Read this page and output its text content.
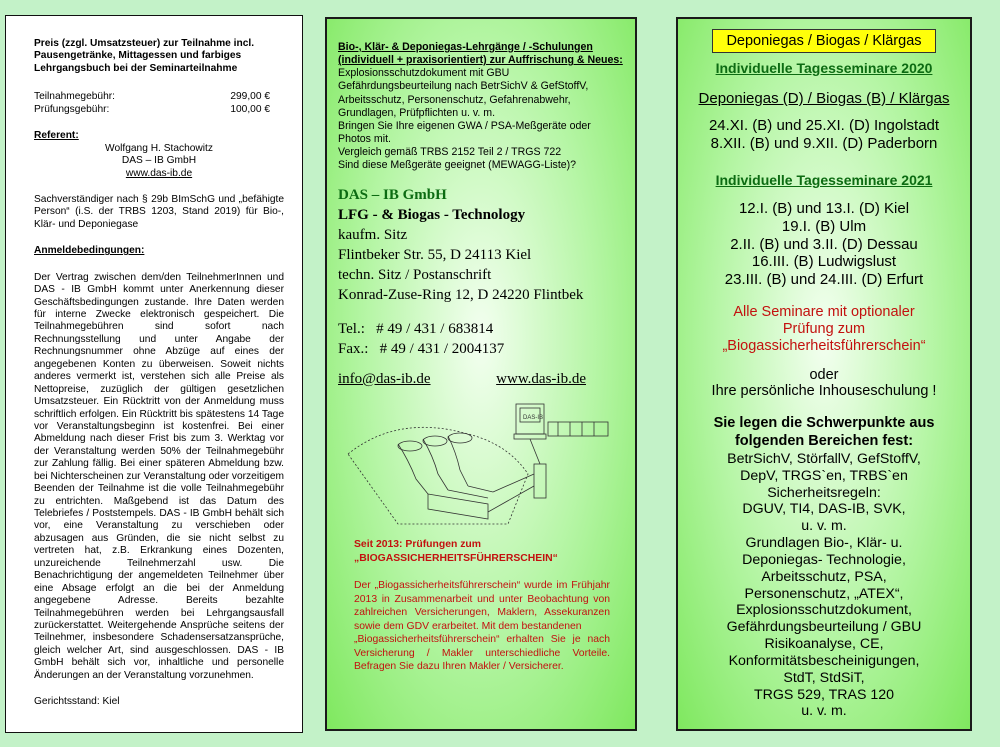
Preis (zzgl. Umsatzsteuer) zur Teilnahme incl. Pausengetränke, Mittagessen und farbiges Lehrgangsbuch bei der Seminarteilnahme

Teilnahmegebühr:	299,00 €
Prüfungsgebühr:	100,00 €

Referent:

Wolfgang H. Stachowitz

DAS – IB GmbH

www.das-ib.de

Sachverständiger nach § 29b BImSchG und „befähigte Person“ (i.S. der TRBS 1203, Stand 2019) für Bio-, Klär- und Deponiegase

Anmeldebedingungen:

Der Vertrag zwischen dem/den TeilnehmerInnen und DAS - IB GmbH kommt unter Anerkennung dieser Geschäftsbedingungen zustande. Ihre Daten werden für interne Zwecke elektronisch gespeichert. Die Teilnahmegebühren sind sofort nach Rechnungsstellung und unter Angabe der Rechnungsnummer ohne Abzüge auf eines der angegebenen Konten zu überweisen. Soweit nichts anderes vermerkt ist, verstehen sich alle Preise als Nettopreise, zuzüglich der gültigen gesetzlichen Umsatzsteuer. Ein Rücktritt von der Anmeldung muss schriftlich erfolgen. Ein Rücktritt bis spätestens 14 Tage vor Veranstaltungsbeginn ist kostenfrei. Bei einer Abmeldung nach dieser Frist bis zum 3. Werktag vor der Veranstaltung werden 50% der Teilnahmegebühr zur Zahlung fällig. Bei einer späteren Abmeldung bzw. bei Nichterscheinen zur Veranstaltung oder vorzeitigem Beenden der Teilnahme ist die volle Teilnahmegebühr zu entrichten. Maßgebend ist das Datum des Telebriefes / Poststempels. DAS - IB GmbH behält sich vor, eine Veranstaltung zu verschieben oder abzusagen aus Gründen, die sie nicht selbst zu vertreten hat, z.B. Erkrankung eines Dozenten, unzureichende Teilnehmerzahl usw. Die Benachrichtigung der angemeldeten Teilnehmer über eine Absage erfolgt an die bei der Anmeldung angegebene Adresse. Bereits bezahlte Teilnahmegebühren werden bei Lehrgangsausfall zurückerstattet. Weitergehende Ansprüche seitens der Teilnehmer, insbesondere Schadensersatzansprüche, gleich welcher Art, sind ausgeschlossen. DAS - IB GmbH behält sich vor, inhaltliche und personelle Änderungen an der Veranstaltung vorzunehmen.

Gerichtsstand: Kiel

Bio-, Klär- & Deponiegas-Lehrgänge / -Schulungen (individuell + praxisorientiert) zur Auffrischung & Neues:

Explosionsschutzdokument mit GBU

Gefährdungsbeurteilung nach BetrSichV & GefStoffV,

Arbeitsschutz, Personenschutz, Gefahrenabwehr,

Grundlagen, Prüfpflichten u. v. m.

Bringen Sie Ihre eigenen GWA / PSA-Meßgeräte oder Photos mit.

Vergleich gemäß TRBS 2152 Teil 2 / TRGS 722

Sind diese Meßgeräte geeignet (MEWAGG-Liste)?

DAS – IB GmbH

LFG - & Biogas - Technology

kaufm. Sitz

Flintbeker Str. 55, D 24113 Kiel

techn. Sitz / Postanschrift

Konrad-Zuse-Ring 12, D 24220 Flintbek

Tel.: # 49 / 431 / 683814

Fax.: # 49 / 431 / 2004137

info@das-ib.de	www.das-ib.de
DAS-IB

Seit 2013: Prüfungen zum

„BIOGASSICHERHEITSFÜHRERSCHEIN“

Der „Biogassicherheitsführerschein“ wurde im Frühjahr 2013 in Zusammenarbeit und unter Beobachtung von zahlreichen Versicherungen, Maklern, Assekuranzen sowie dem GDV erarbeitet. Mit dem bestandenen

„Biogassicherheitsführerschein“ erhalten Sie je nach Versicherung / Makler unterschiedliche Vorteile. Befragen Sie dazu Ihren Makler / Versicherer.

Deponiegas / Biogas / Klärgas

Individuelle Tagesseminare 2020

Deponiegas (D) / Biogas (B) / Klärgas

24.XI. (B) und 25.XI. (D) Ingolstadt

8.XII. (B) und 9.XII. (D) Paderborn

Individuelle Tagesseminare 2021

12.I. (B) und 13.I. (D) Kiel

19.I. (B) Ulm

2.II. (B) und 3.II. (D) Dessau

16.III. (B) Ludwigslust

23.III. (B) und 24.III. (D) Erfurt

Alle Seminare mit optionaler

Prüfung zum

„Biogassicherheitsführerschein“

oder

Ihre persönliche Inhouseschulung !

Sie legen die Schwerpunkte aus

folgenden Bereichen fest:

BetrSichV, StörfallV, GefStoffV,

DepV, TRGS`en, TRBS`en

Sicherheitsregeln:

DGUV, TI4, DAS-IB, SVK,

u. v. m.

Grundlagen Bio-, Klär- u.

Deponiegas- Technologie,

Arbeitsschutz, PSA,

Personenschutz, „ATEX“,

Explosionsschutzdokument,

Gefährdungsbeurteilung / GBU

Risikoanalyse, CE,

Konformitätsbescheinigungen,

StdT, StdSiT,

TRGS 529, TRAS 120

u. v. m.
